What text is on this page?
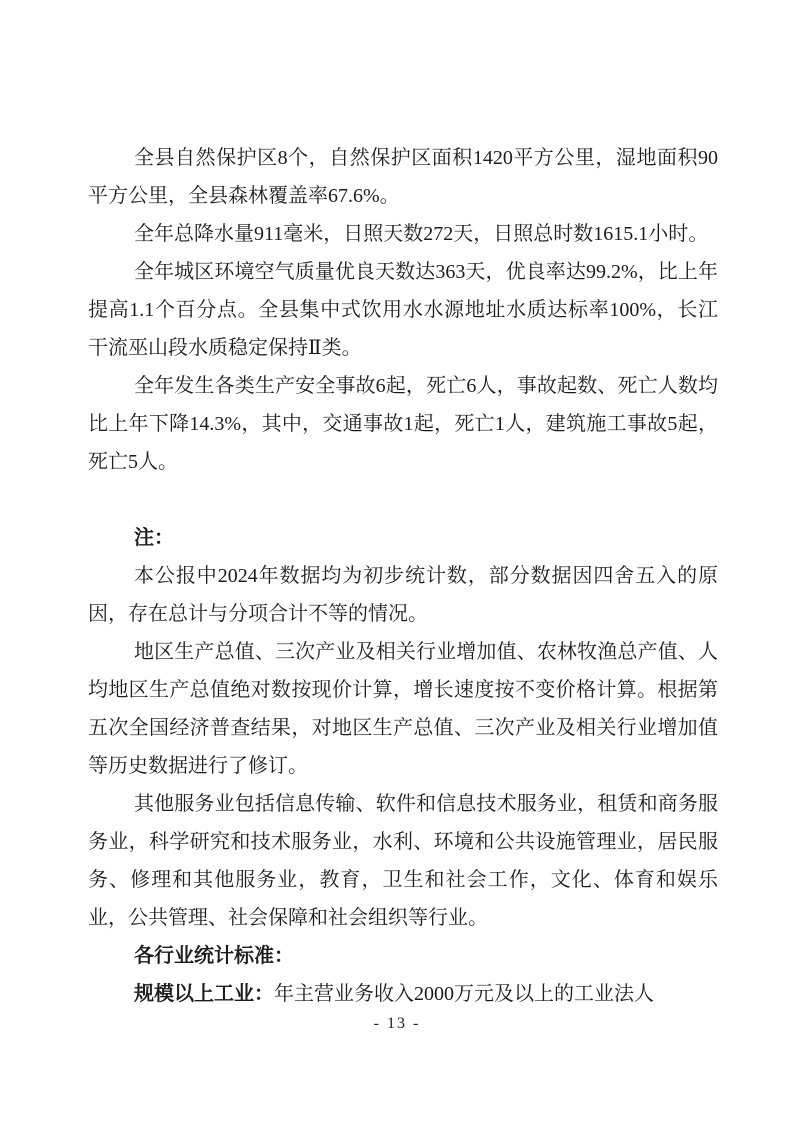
全县自然保护区8个，自然保护区面积1420平方公里，湿地面积90平方公里，全县森林覆盖率67.6%。

全年总降水量911毫米，日照天数272天，日照总时数1615.1小时。

全年城区环境空气质量优良天数达363天，优良率达99.2%，比上年提高1.1个百分点。全县集中式饮用水水源地址水质达标率100%，长江干流巫山段水质稳定保持Ⅱ类。

全年发生各类生产安全事故6起，死亡6人，事故起数、死亡人数均比上年下降14.3%，其中，交通事故1起，死亡1人，建筑施工事故5起，死亡5人。

注：

本公报中2024年数据均为初步统计数，部分数据因四舍五入的原因，存在总计与分项合计不等的情况。

地区生产总值、三次产业及相关行业增加值、农林牧渔总产值、人均地区生产总值绝对数按现价计算，增长速度按不变价格计算。根据第五次全国经济普查结果，对地区生产总值、三次产业及相关行业增加值等历史数据进行了修订。

其他服务业包括信息传输、软件和信息技术服务业，租赁和商务服务业，科学研究和技术服务业，水利、环境和公共设施管理业，居民服务、修理和其他服务业，教育，卫生和社会工作，文化、体育和娱乐业，公共管理、社会保障和社会组织等行业。

各行业统计标准：

规模以上工业：年主营业务收入2000万元及以上的工业法人

- 13 -
